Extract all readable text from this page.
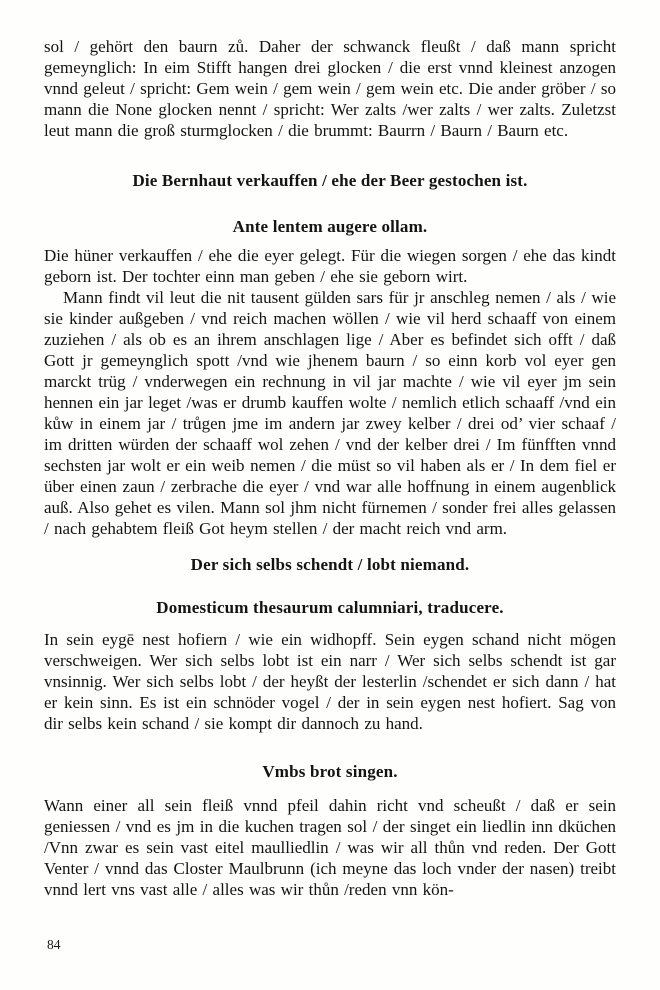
sol / gehört den baurn zů. Daher der schwanck fleußt / daß mann spricht gemeynglich: In eim Stifft hangen drei glocken / die erst vnnd kleinest anzogen vnnd geleut / spricht: Gem wein / gem wein / gem wein etc. Die ander gröber / so mann die None glocken nennt / spricht: Wer zalts /wer zalts / wer zalts. Zuletzst leut mann die groß sturmglocken / die brummt: Baurrn / Baurn / Baurn etc.

Die Bernhaut verkauffen / ehe der Beer gestochen ist.
Ante lentem augere ollam.

Die hüner verkauffen / ehe die eyer gelegt. Für die wiegen sorgen / ehe das kindt geborn ist. Der tochter einn man geben / ehe sie geborn wirt.

Mann findt vil leut die nit tausent gülden sars für jr anschleg nemen / als / wie sie kinder außgeben / vnd reich machen wöllen / wie vil herd schaaff von einem zuziehen / als ob es an ihrem anschlagen lige / Aber es befindet sich offt / daß Gott jr gemeynglich spott /vnd wie jhenem baurn / so einn korb vol eyer gen marckt trüg / vnderwegen ein rechnung in vil jar machte / wie vil eyer jm sein hennen ein jar leget /was er drumb kauffen wolte / nemlich etlich schaaff /vnd ein kůw in einem jar / trůgen jme im andern jar zwey kelber / drei od’ vier schaaf / im dritten würden der schaaff wol zehen / vnd der kelber drei / Im fünfften vnnd sechsten jar wolt er ein weib nemen / die müst so vil haben als er / In dem fiel er über einen zaun / zerbrache die eyer / vnd war alle hoffnung in einem augenblick auß. Also gehet es vilen. Mann sol jhm nicht fürnemen / sonder frei alles gelassen / nach gehabtem fleiß Got heym stellen / der macht reich vnd arm.

Der sich selbs schendt / lobt niemand.
Domesticum thesaurum calumniari, traducere.

In sein eygē nest hofiern / wie ein widhopff. Sein eygen schand nicht mögen verschweigen. Wer sich selbs lobt ist ein narr / Wer sich selbs schendt ist gar vnsinnig. Wer sich selbs lobt / der heyßt der lesterlin /schendet er sich dann / hat er kein sinn. Es ist ein schnöder vogel / der in sein eygen nest hofiert. Sag von dir selbs kein schand / sie kompt dir dannoch zu hand.

Vmbs brot singen.

Wann einer all sein fleiß vnnd pfeil dahin richt vnd scheußt / daß er sein geniessen / vnd es jm in die kuchen tragen sol / der singet ein liedlin inn dküchen /Vnn zwar es sein vast eitel maulliedlin / was wir all thůn vnd reden. Der Gott Venter / vnnd das Closter Maulbrunn (ich meyne das loch vnder der nasen) treibt vnnd lert vns vast alle / alles was wir thůn /reden vnn kön-

84
